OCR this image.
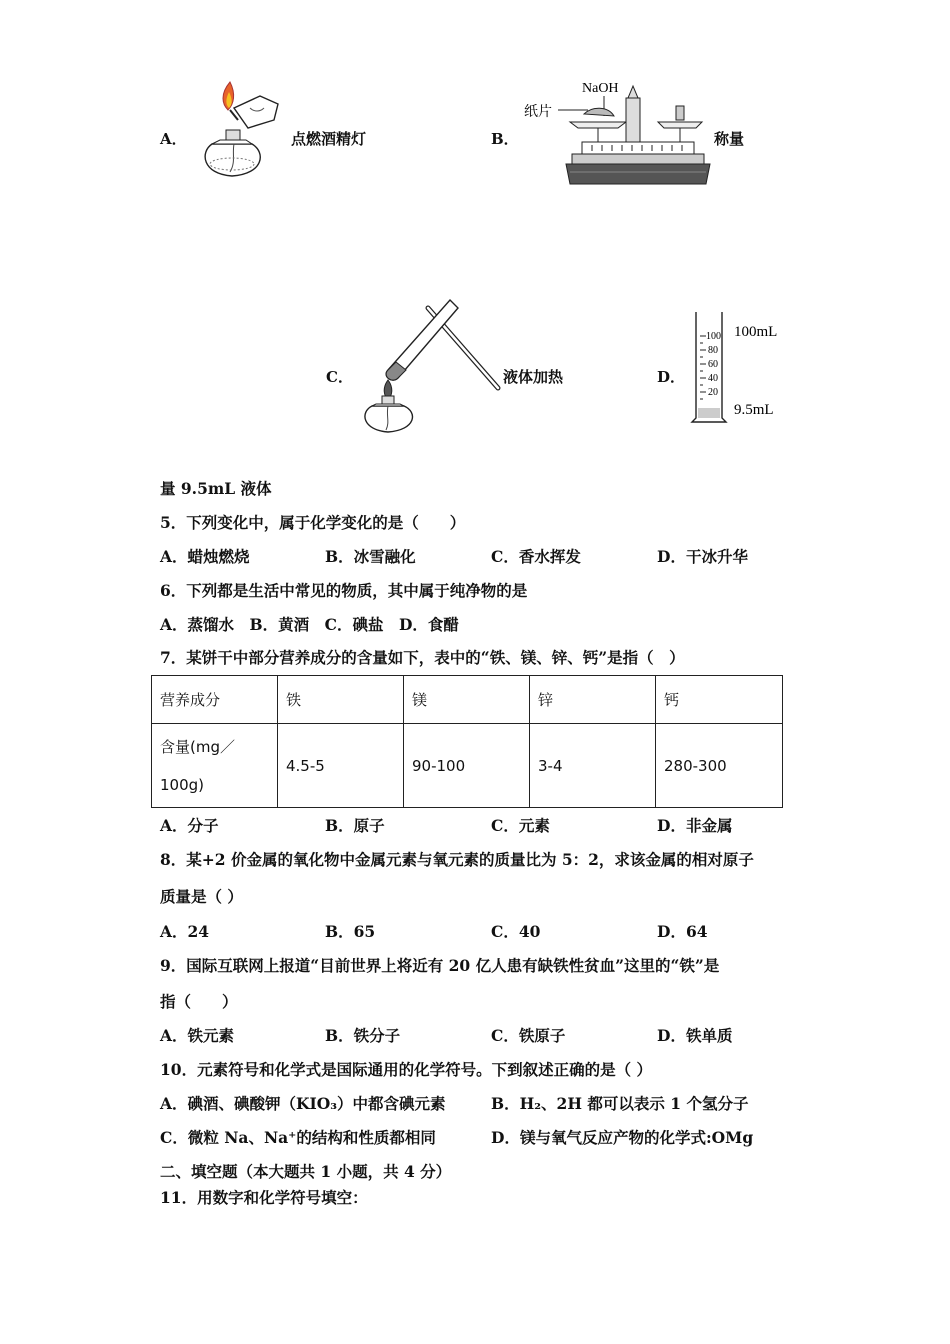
A．	点燃酒精灯	B．
NaOH
纸片
称量
C．	液体加热	D．
100
80
60
40
20
100mL
9.5mL
量 9.5mL 液体
5．下列变化中，属于化学变化的是（　　）
A．蜡烛燃烧	B．冰雪融化	C．香水挥发	D．干冰升华
6．下列都是生活中常见的物质，其中属于纯净物的是
A．蒸馏水　B．黄酒　C．碘盐　D．食醋
7．某饼干中部分营养成分的含量如下，表中的“铁、镁、锌、钙”是指（　）
营养成分	铁	镁	锌	钙

含量(mg／
100g)	4.5-5	90-100	3-4	280-300
A．分子	B．原子	C．元素	D．非金属
8．某+2 价金属的氧化物中金属元素与氧元素的质量比为 5：2，求该金属的相对原子
质量是（ ）
A．24	B．65	C．40	D．64
9．国际互联网上报道“目前世界上将近有 20 亿人患有缺铁性贫血”这里的“铁”是
指（　　）
A．铁元素	B．铁分子	C．铁原子	D．铁单质
10．元素符号和化学式是国际通用的化学符号。下到叙述正确的是（ ）
A．碘酒、碘酸钾（KIO₃）中都含碘元素	B．H₂、2H 都可以表示 1 个氢分子
C．微粒 Na、Na⁺的结构和性质都相同	D．镁与氧气反应产物的化学式:OMg
二、填空题（本大题共 1 小题，共 4 分）
11．用数字和化学符号填空：
